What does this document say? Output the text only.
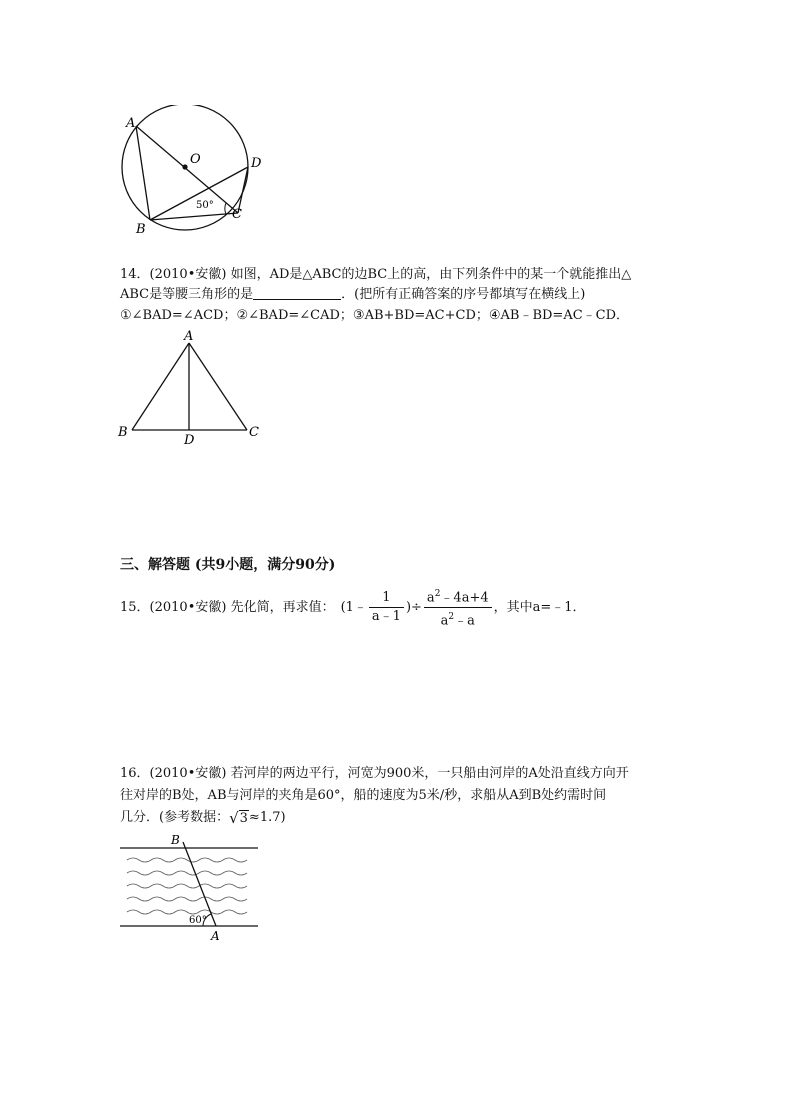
A
B
C
D
O
50°
14．(2010•安徽) 如图，AD是△ABC的边BC上的高，由下列条件中的某一个就能推出△
ABC是等腰三角形的是	．(把所有正确答案的序号都填写在横线上)
①∠BAD=∠ACD；②∠BAD=∠CAD；③AB+BD=AC+CD；④AB﹣BD=AC﹣CD．
A
B	C
D
三、解答题 (共9小题，满分90分)
15．(2010•安徽) 先化简，再求值： (1﹣ $\frac{1}{a﹣1}$ )÷ $\frac{a^2﹣4a+4}{a^2﹣a}$ ，其中a=﹣1．
16．(2010•安徽) 若河岸的两边平行，河宽为900米，一只船由河岸的A处沿直线方向开
往对岸的B处，AB与河岸的夹角是60°，船的速度为5米/秒，求船从A到B处约需时间
几分．(参考数据： √ 3 ≈1.7)
B
A
60°
